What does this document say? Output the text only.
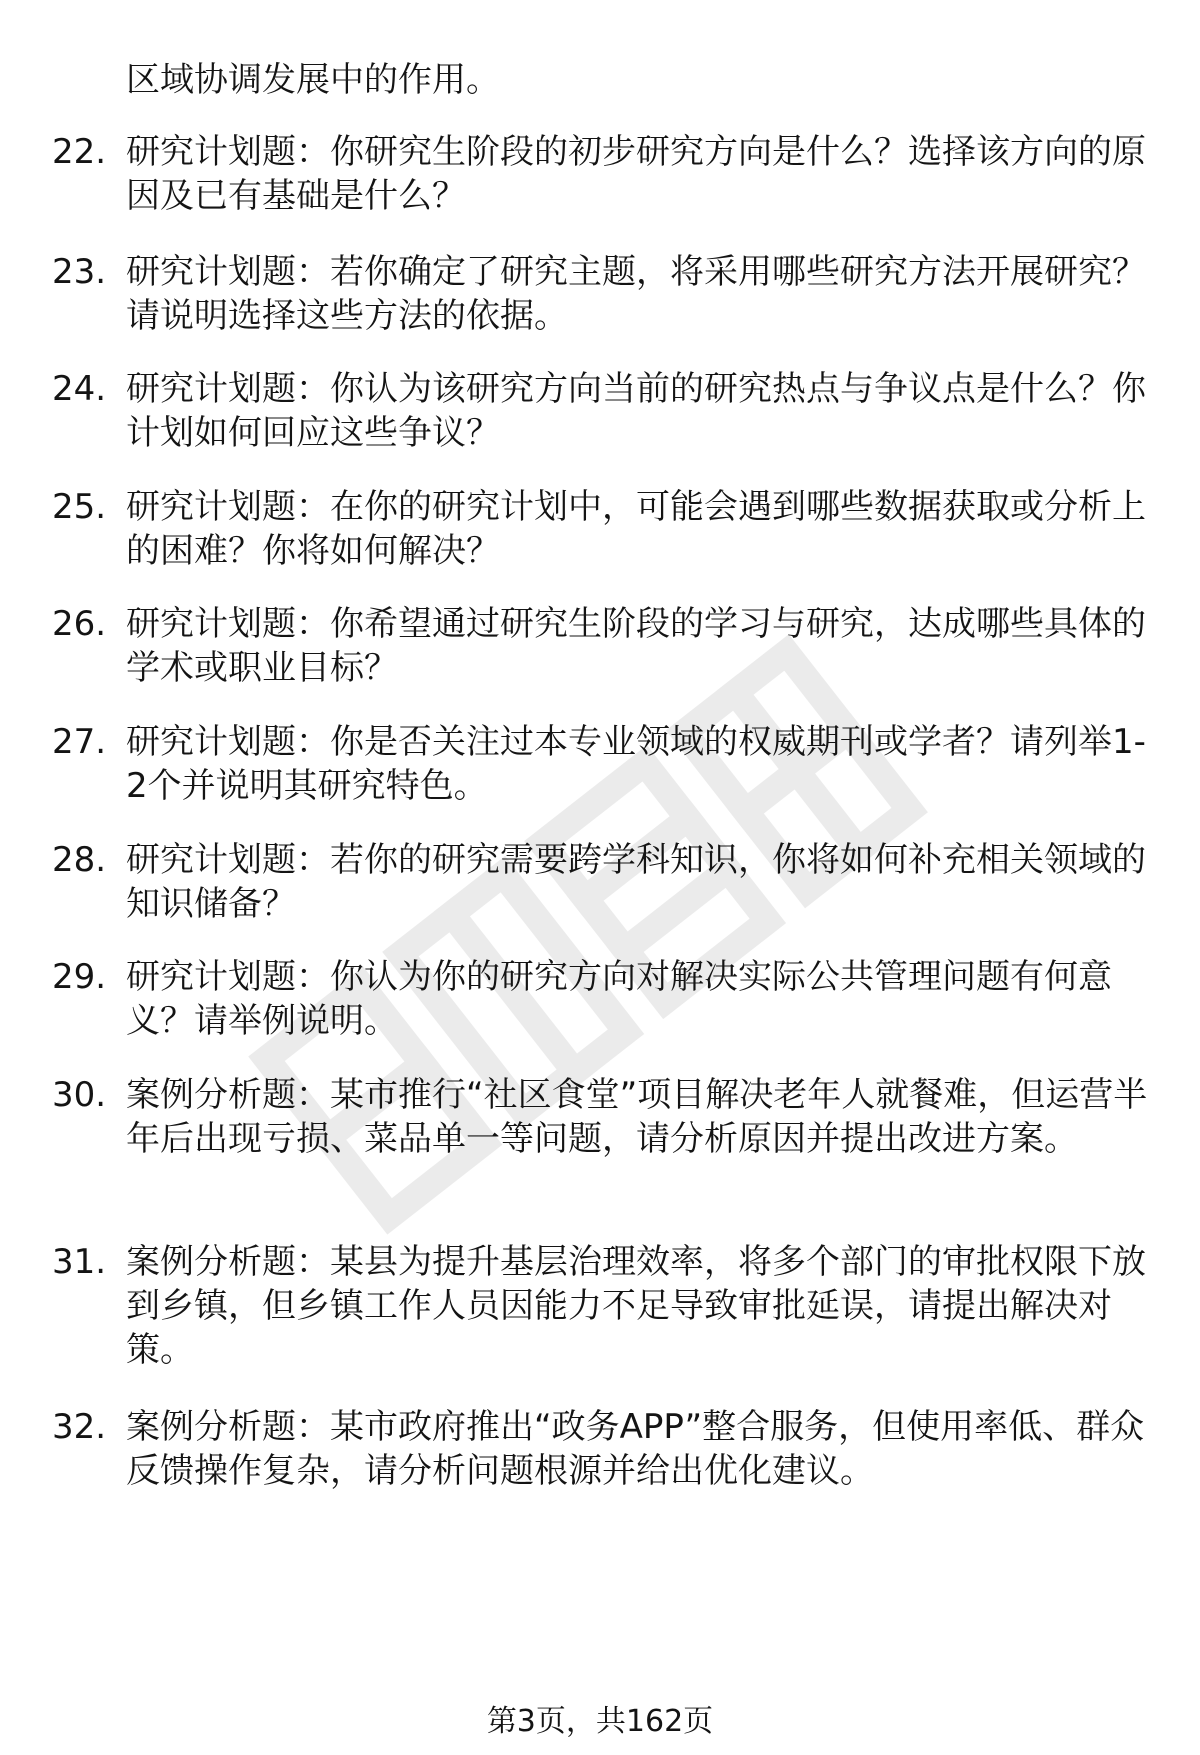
区域协调发展中的作用。

22. 研究计划题：你研究生阶段的初步研究方向是什么？选择该方向的原因及已有基础是什么？

23. 研究计划题：若你确定了研究主题，将采用哪些研究方法开展研究？请说明选择这些方法的依据。

24. 研究计划题：你认为该研究方向当前的研究热点与争议点是什么？你计划如何回应这些争议？

25. 研究计划题：在你的研究计划中，可能会遇到哪些数据获取或分析上的困难？你将如何解决？

26. 研究计划题：你希望通过研究生阶段的学习与研究，达成哪些具体的学术或职业目标？

27. 研究计划题：你是否关注过本专业领域的权威期刊或学者？请列举1-2个并说明其研究特色。

28. 研究计划题：若你的研究需要跨学科知识，你将如何补充相关领域的知识储备？

29. 研究计划题：你认为你的研究方向对解决实际公共管理问题有何意义？请举例说明。

30. 案例分析题：某市推行“社区食堂”项目解决老年人就餐难，但运营半年后出现亏损、菜品单一等问题，请分析原因并提出改进方案。

31. 案例分析题：某县为提升基层治理效率，将多个部门的审批权限下放到乡镇，但乡镇工作人员因能力不足导致审批延误，请提出解决对策。

32. 案例分析题：某市政府推出“政务APP”整合服务，但使用率低、群众反馈操作复杂，请分析问题根源并给出优化建议。

第3页，共162页
